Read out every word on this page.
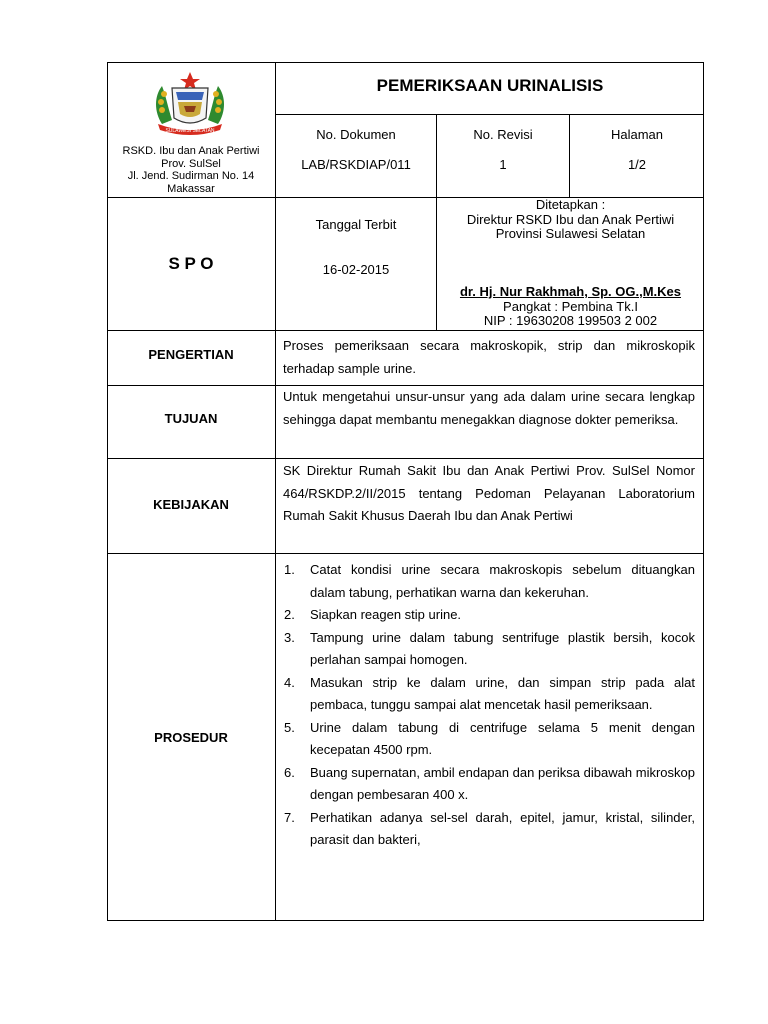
SULAWESI SELATAN
RSKD. Ibu dan Anak Pertiwi
Prov. SulSel
Jl. Jend. Sudirman No. 14
Makassar
PEMERIKSAAN URINALISIS
No. Dokumen
LAB/RSKDIAP/011
No. Revisi
1
Halaman
1/2
S P O
Tanggal Terbit
16-02-2015
Ditetapkan :
Direktur RSKD Ibu dan Anak Pertiwi
Provinsi Sulawesi Selatan
dr. Hj. Nur Rakhmah, Sp. OG.,M.Kes
Pangkat : Pembina Tk.I
NIP : 19630208 199503 2 002
PENGERTIAN
Proses pemeriksaan secara makroskopik, strip dan mikroskopik terhadap sample urine.
TUJUAN
Untuk mengetahui unsur-unsur yang ada dalam urine secara lengkap sehingga dapat membantu menegakkan diagnose dokter pemeriksa.
KEBIJAKAN
SK Direktur Rumah Sakit Ibu dan Anak Pertiwi Prov. SulSel Nomor 464/RSKDP.2/II/2015 tentang Pedoman Pelayanan Laboratorium Rumah Sakit Khusus Daerah Ibu dan Anak Pertiwi
PROSEDUR
1. Catat kondisi urine secara makroskopis sebelum dituangkan dalam tabung, perhatikan warna dan kekeruhan.
2. Siapkan reagen stip urine.
3. Tampung urine dalam tabung sentrifuge plastik bersih, kocok perlahan sampai homogen.
4. Masukan strip ke dalam urine, dan simpan strip pada alat pembaca, tunggu sampai alat mencetak hasil pemeriksaan.
5. Urine dalam tabung di centrifuge selama 5 menit dengan kecepatan 4500 rpm.
6. Buang supernatan, ambil endapan dan periksa dibawah mikroskop dengan pembesaran 400 x.
7. Perhatikan adanya sel-sel darah, epitel, jamur, kristal, silinder, parasit dan bakteri,
